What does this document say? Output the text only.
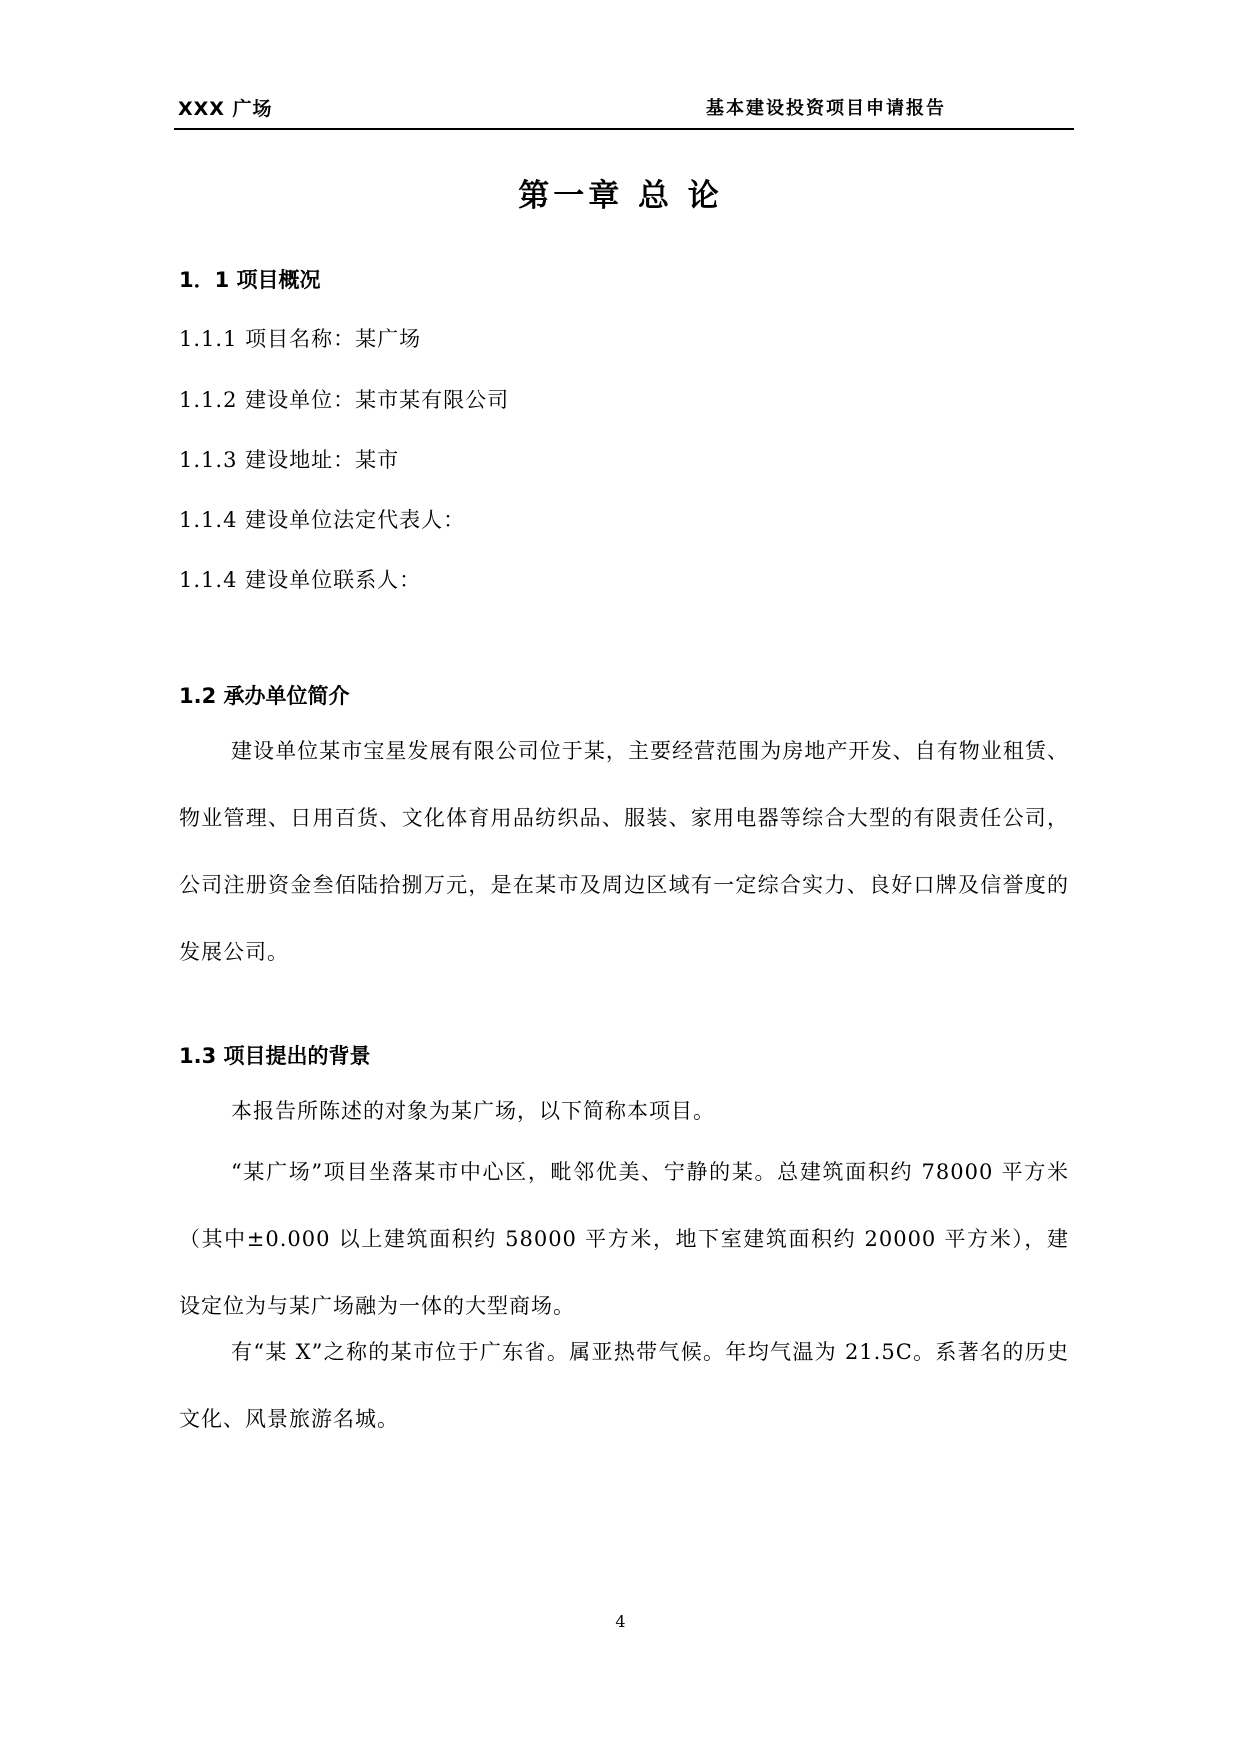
XXX 广场	基本建设投资项目申请报告
第一章 总 论
1．1 项目概况
1.1.1 项目名称：某广场
1.1.2 建设单位：某市某有限公司
1.1.3 建设地址：某市
1.1.4 建设单位法定代表人：
1.1.4 建设单位联系人：
1.2 承办单位简介

建设单位某市宝星发展有限公司位于某，主要经营范围为房地产开发、自有物业租赁、物业管理、日用百货、文化体育用品纺织品、服装、家用电器等综合大型的有限责任公司，公司注册资金叁佰陆拾捌万元，是在某市及周边区域有一定综合实力、良好口牌及信誉度的发展公司。

1.3 项目提出的背景

本报告所陈述的对象为某广场，以下简称本项目。

“某广场”项目坐落某市中心区，毗邻优美、宁静的某。总建筑面积约 78000 平方米（其中±0.000 以上建筑面积约 58000 平方米，地下室建筑面积约 20000 平方米），建设定位为与某广场融为一体的大型商场。

有“某 X”之称的某市位于广东省。属亚热带气候。年均气温为 21.5C。系著名的历史文化、风景旅游名城。

4
